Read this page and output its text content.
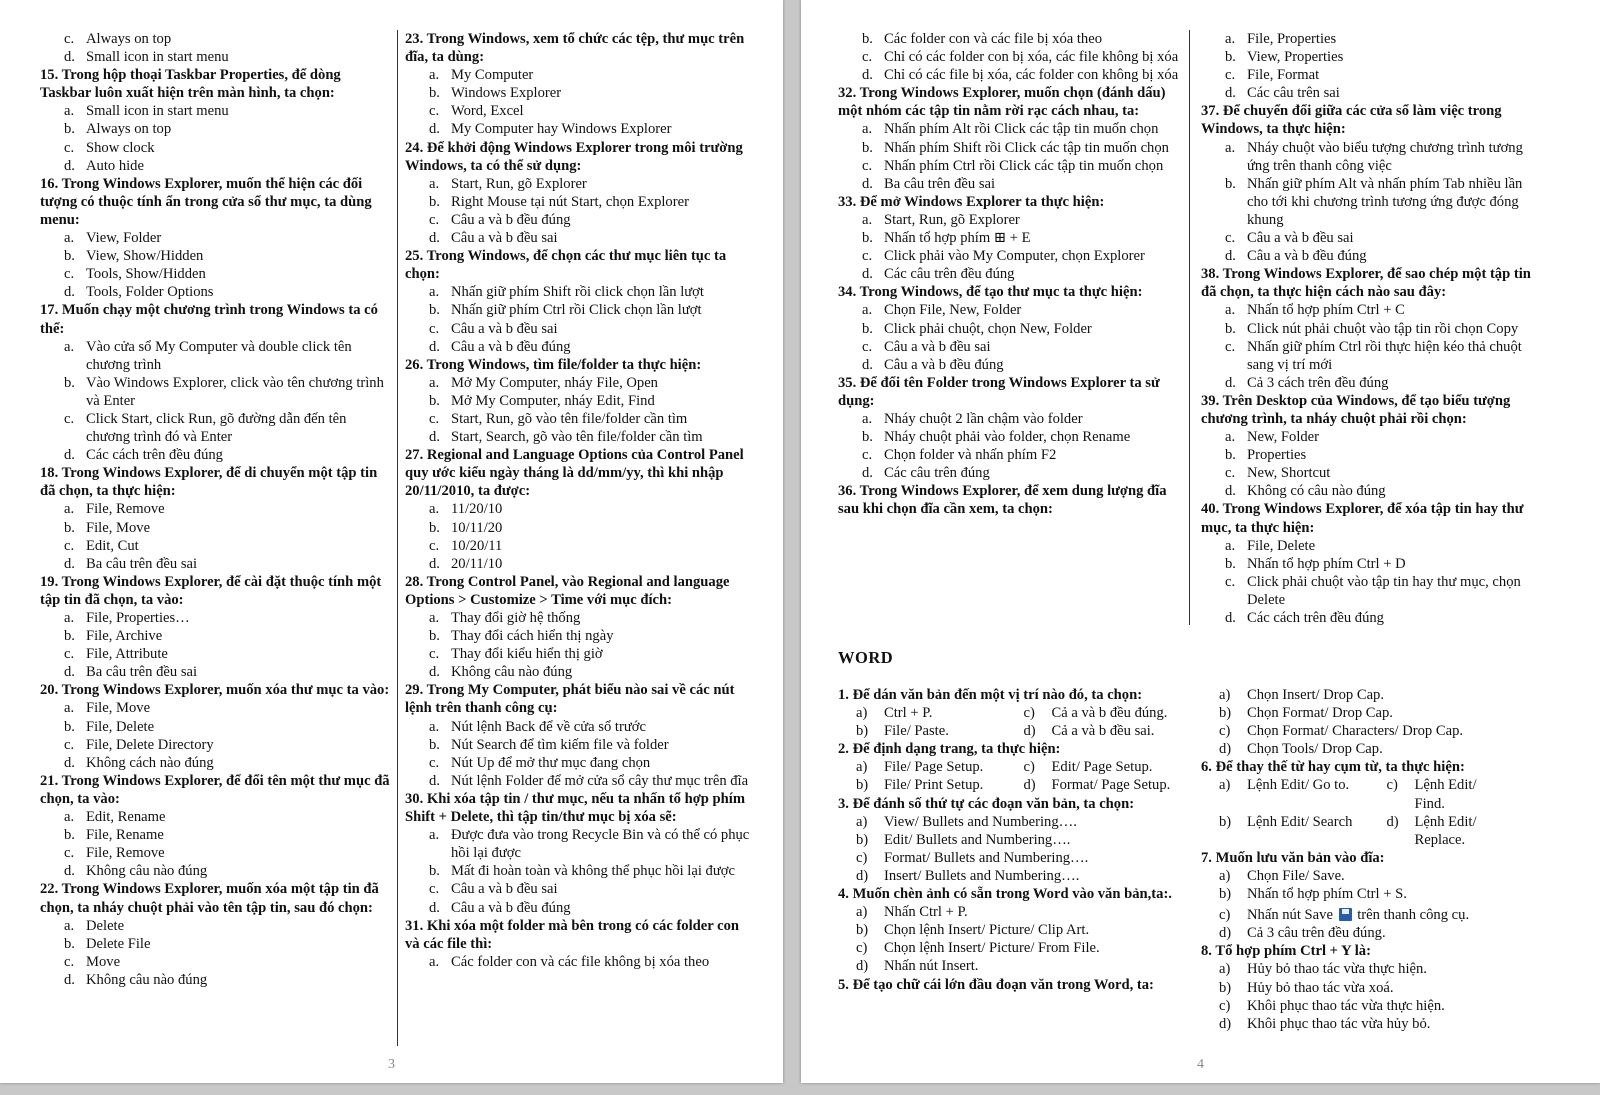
c. Always on top
d. Small icon in start menu
15. Trong hộp thoại Taskbar Properties, để dòng Taskbar luôn xuất hiện trên màn hình, ta chọn:
a. Small icon in start menu
b. Always on top
c. Show clock
d. Auto hide
16. Trong Windows Explorer, muốn thể hiện các đối tượng có thuộc tính ẩn trong cửa sổ thư mục, ta dùng menu:
a. View, Folder
b. View, Show/Hidden
c. Tools, Show/Hidden
d. Tools, Folder Options
17. Muốn chạy một chương trình trong Windows ta có thể:
a. Vào cửa sổ My Computer và double click tên chương trình
b. Vào Windows Explorer, click vào tên chương trình và Enter
c. Click Start, click Run, gõ đường dẫn đến tên chương trình đó và Enter
d. Các cách trên đều đúng
18. Trong Windows Explorer, để di chuyển một tập tin đã chọn, ta thực hiện:
a. File, Remove
b. File, Move
c. Edit, Cut
d. Ba câu trên đều sai
19. Trong Windows Explorer, để cài đặt thuộc tính một tập tin đã chọn, ta vào:
a. File, Properties…
b. File, Archive
c. File, Attribute
d. Ba câu trên đều sai
20. Trong Windows Explorer, muốn xóa thư mục ta vào:
a. File, Move
b. File, Delete
c. File, Delete Directory
d. Không cách nào đúng
21. Trong Windows Explorer, để đổi tên một thư mục đã chọn, ta vào:
a. Edit, Rename
b. File, Rename
c. File, Remove
d. Không câu nào đúng
22. Trong Windows Explorer, muốn xóa một tập tin đã chọn, ta nháy chuột phải vào tên tập tin, sau đó chọn:
a. Delete
b. Delete File
c. Move
d. Không câu nào đúng
23. Trong Windows, xem tổ chức các tệp, thư mục trên đĩa, ta dùng:
a. My Computer
b. Windows Explorer
c. Word, Excel
d. My Computer hay Windows Explorer
24. Để khởi động Windows Explorer trong môi trường Windows, ta có thể sử dụng:
a. Start, Run, gõ Explorer
b. Right Mouse tại nút Start, chọn Explorer
c. Câu a và b đều đúng
d. Câu a và b đều sai
25. Trong Windows, để chọn các thư mục liên tục ta chọn:
a. Nhấn giữ phím Shift rồi click chọn lần lượt
b. Nhấn giữ phím Ctrl rồi Click chọn lần lượt
c. Câu a và b đều sai
d. Câu a và b đều đúng
26. Trong Windows, tìm file/folder ta thực hiện:
a. Mở My Computer, nháy File, Open
b. Mở My Computer, nháy Edit, Find
c. Start, Run, gõ vào tên file/folder cần tìm
d. Start, Search, gõ vào tên file/folder cần tìm
27. Regional and Language Options của Control Panel quy ước kiểu ngày tháng là dd/mm/yy, thì khi nhập 20/11/2010, ta được:
a. 11/20/10
b. 10/11/20
c. 10/20/11
d. 20/11/10
28. Trong Control Panel, vào Regional and language Options > Customize > Time với mục đích:
a. Thay đổi giờ hệ thống
b. Thay đổi cách hiển thị ngày
c. Thay đổi kiểu hiển thị giờ
d. Không câu nào đúng
29. Trong My Computer, phát biểu nào sai về các nút lệnh trên thanh công cụ:
a. Nút lệnh Back để về cửa sổ trước
b. Nút Search để tìm kiếm file và folder
c. Nút Up để mở thư mục đang chọn
d. Nút lệnh Folder để mở cửa sổ cây thư mục trên đĩa
30. Khi xóa tập tin / thư mục, nếu ta nhấn tổ hợp phím Shift + Delete, thì tập tin/thư mục bị xóa sẽ:
a. Được đưa vào trong Recycle Bin và có thể có phục hồi lại được
b. Mất đi hoàn toàn và không thể phục hồi lại được
c. Câu a và b đều sai
d. Câu a và b đều đúng
31. Khi xóa một folder mà bên trong có các folder con và các file thì:
a. Các folder con và các file không bị xóa theo
3
b. Các folder con và các file bị xóa theo
c. Chỉ có các folder con bị xóa, các file không bị xóa
d. Chỉ có các file bị xóa, các folder con không bị xóa
32. Trong Windows Explorer, muốn chọn (đánh dấu) một nhóm các tập tin nằm rời rạc cách nhau, ta:
a. Nhấn phím Alt rồi Click các tập tin muốn chọn
b. Nhấn phím Shift rồi Click các tập tin muốn chọn
c. Nhấn phím Ctrl rồi Click các tập tin muốn chọn
d. Ba câu trên đều sai
33. Để mở Windows Explorer ta thực hiện:
a. Start, Run, gõ Explorer
b. Nhấn tổ hợp phím ⊞ + E
c. Click phải vào My Computer, chọn Explorer
d. Các câu trên đều đúng
34. Trong Windows, để tạo thư mục ta thực hiện:
a. Chọn File, New, Folder
b. Click phải chuột, chọn New, Folder
c. Câu a và b đều sai
d. Câu a và b đều đúng
35. Để đổi tên Folder trong Windows Explorer ta sử dụng:
a. Nháy chuột 2 lần chậm vào folder
b. Nháy chuột phải vào folder, chọn Rename
c. Chọn folder và nhấn phím F2
d. Các câu trên đúng
36. Trong Windows Explorer, để xem dung lượng đĩa sau khi chọn đĩa cần xem, ta chọn:
a. File, Properties
b. View, Properties
c. File, Format
d. Các câu trên sai
37. Để chuyển đổi giữa các cửa sổ làm việc trong Windows, ta thực hiện:
a. Nháy chuột vào biểu tượng chương trình tương ứng trên thanh công việc
b. Nhấn giữ phím Alt và nhấn phím Tab nhiều lần cho tới khi chương trình tương ứng được đóng khung
c. Câu a và b đều sai
d. Câu a và b đều đúng
38. Trong Windows Explorer, để sao chép một tập tin đã chọn, ta thực hiện cách nào sau đây:
a. Nhấn tổ hợp phím Ctrl + C
b. Click nút phải chuột vào tập tin rồi chọn Copy
c. Nhấn giữ phím Ctrl rồi thực hiện kéo thả chuột sang vị trí mới
d. Cả 3 cách trên đều đúng
39. Trên Desktop của Windows, để tạo biểu tượng chương trình, ta nháy chuột phải rồi chọn:
a. New, Folder
b. Properties
c. New, Shortcut
d. Không có câu nào đúng
40. Trong Windows Explorer, để xóa tập tin hay thư mục, ta thực hiện:
a. File, Delete
b. Nhấn tổ hợp phím Ctrl + D
c. Click phải chuột vào tập tin hay thư mục, chọn Delete
d. Các cách trên đều đúng
WORD
1. Để dán văn bản đến một vị trí nào đó, ta chọn:
a)	Ctrl + P.	c)	Cả a và b đều đúng.
b)	File/ Paste.	d)	Cả a và b đều sai.
2. Để định dạng trang, ta thực hiện:
a)	File/ Page Setup.	c)	Edit/ Page Setup.
b)	File/ Print Setup.	d)	Format/ Page Setup.
3. Để đánh số thứ tự các đoạn văn bản, ta chọn:
a)	View/ Bullets and Numbering….
b)	Edit/ Bullets and Numbering….
c)	Format/ Bullets and Numbering….
d)	Insert/ Bullets and Numbering….
4. Muốn chèn ảnh có sẵn trong Word vào văn bản,ta:.
a)	Nhấn Ctrl + P.
b)	Chọn lệnh Insert/ Picture/ Clip Art.
c)	Chọn lệnh Insert/ Picture/ From File.
d)	Nhấn nút Insert.
5. Để tạo chữ cái lớn đầu đoạn văn trong Word, ta:
a)	Chọn Insert/ Drop Cap.
b)	Chọn Format/ Drop Cap.
c)	Chọn Format/ Characters/ Drop Cap.
d)	Chọn Tools/ Drop Cap.
6. Để thay thế từ hay cụm từ, ta thực hiện:
a)	Lệnh Edit/ Go to.	c)	Lệnh Edit/
Find.
b)	Lệnh Edit/ Search	d)	Lệnh Edit/
Replace.
7. Muốn lưu văn bản vào đĩa:
a)	Chọn File/ Save.
b)	Nhấn tổ hợp phím Ctrl + S.
c)	Nhấn nút Save trên thanh công cụ.
d)	Cả 3 câu trên đều đúng.
8. Tổ hợp phím Ctrl + Y là:
a)	Hủy bỏ thao tác vừa thực hiện.
b)	Hủy bỏ thao tác vừa xoá.
c)	Khôi phục thao tác vừa thực hiện.
d)	Khôi phục thao tác vừa hủy bỏ.
4
